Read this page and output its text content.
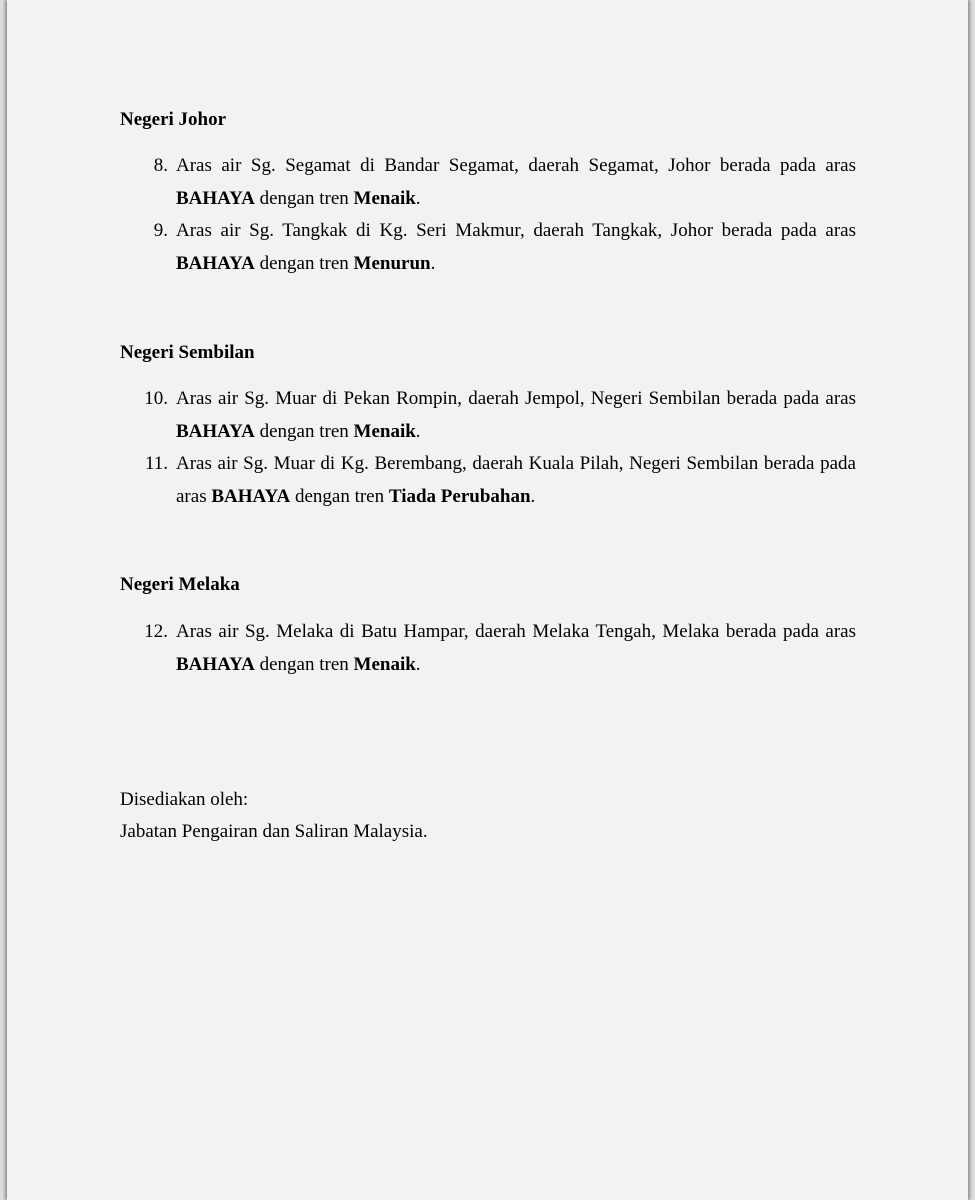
Negeri Johor
8. Aras air Sg. Segamat di Bandar Segamat, daerah Segamat, Johor berada pada aras BAHAYA dengan tren Menaik.
9. Aras air Sg. Tangkak di Kg. Seri Makmur, daerah Tangkak, Johor berada pada aras BAHAYA dengan tren Menurun.
Negeri Sembilan
10. Aras air Sg. Muar di Pekan Rompin, daerah Jempol, Negeri Sembilan berada pada aras BAHAYA dengan tren Menaik.
11. Aras air Sg. Muar di Kg. Berembang, daerah Kuala Pilah, Negeri Sembilan berada pada aras BAHAYA dengan tren Tiada Perubahan.
Negeri Melaka
12. Aras air Sg. Melaka di Batu Hampar, daerah Melaka Tengah, Melaka berada pada aras BAHAYA dengan tren Menaik.
Disediakan oleh:
Jabatan Pengairan dan Saliran Malaysia.
